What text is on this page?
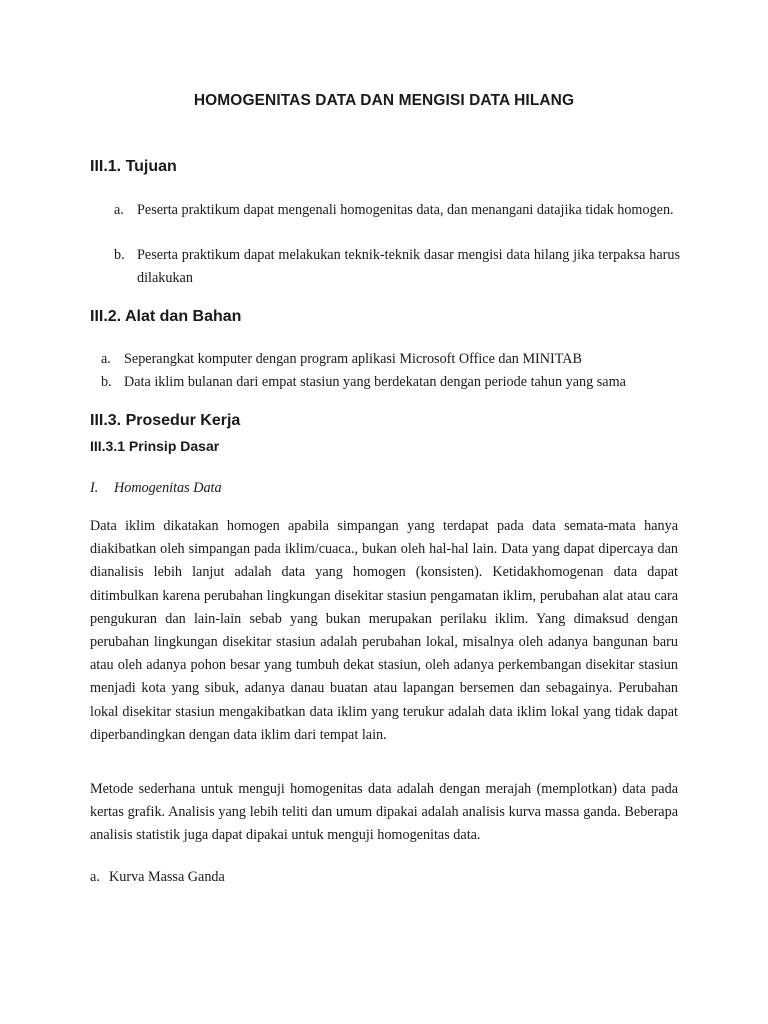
HOMOGENITAS DATA DAN MENGISI DATA HILANG
III.1. Tujuan
a. Peserta praktikum dapat mengenali homogenitas data, dan menangani datajika tidak homogen.
b. Peserta praktikum dapat melakukan teknik-teknik dasar mengisi data hilang jika terpaksa harus dilakukan
III.2. Alat dan Bahan
a. Seperangkat komputer dengan program aplikasi Microsoft Office dan MINITAB
b. Data iklim bulanan dari empat stasiun yang berdekatan dengan periode tahun yang sama
III.3. Prosedur Kerja
III.3.1 Prinsip Dasar
I. Homogenitas Data
Data iklim dikatakan homogen apabila simpangan yang terdapat pada data semata-mata hanya diakibatkan oleh simpangan pada iklim/cuaca., bukan oleh hal-hal lain. Data yang dapat dipercaya dan dianalisis lebih lanjut adalah data yang homogen (konsisten). Ketidakhomogenan data dapat ditimbulkan karena perubahan lingkungan disekitar stasiun pengamatan iklim, perubahan alat atau cara pengukuran dan lain-lain sebab yang bukan merupakan perilaku iklim. Yang dimaksud dengan perubahan lingkungan disekitar stasiun adalah perubahan lokal, misalnya oleh adanya bangunan baru atau oleh adanya pohon besar yang tumbuh dekat stasiun, oleh adanya perkembangan disekitar stasiun menjadi kota yang sibuk, adanya danau buatan atau lapangan bersemen dan sebagainya. Perubahan lokal disekitar stasiun mengakibatkan data iklim yang terukur adalah data iklim lokal yang tidak dapat diperbandingkan dengan data iklim dari tempat lain.
Metode sederhana untuk menguji homogenitas data adalah dengan merajah (memplotkan) data pada kertas grafik. Analisis yang lebih teliti dan umum dipakai adalah analisis kurva massa ganda. Beberapa analisis statistik juga dapat dipakai untuk menguji homogenitas data.
a. Kurva Massa Ganda
